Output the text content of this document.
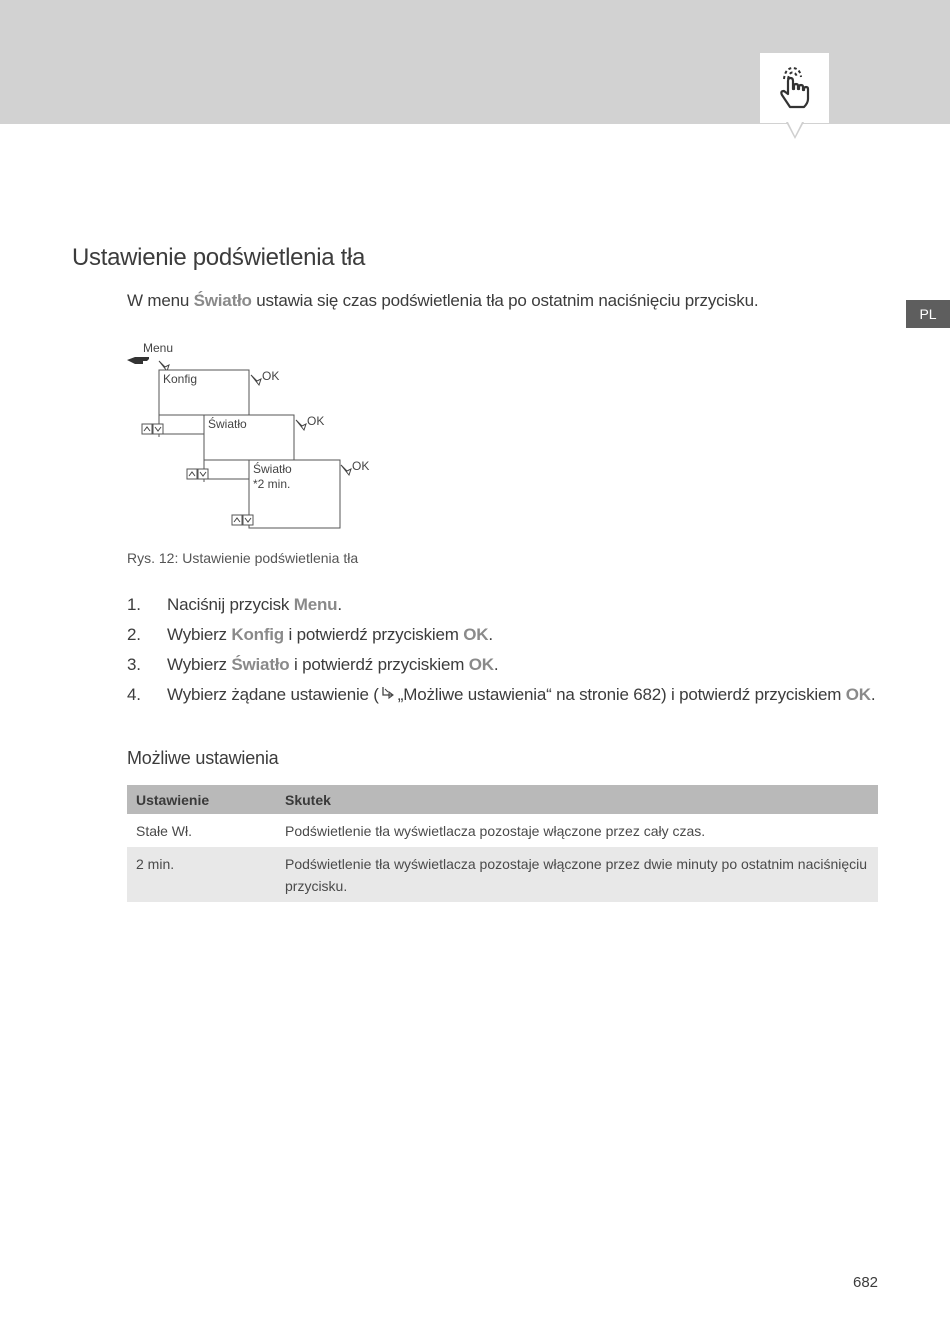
PL
Ustawienie podświetlenia tła
W menu Światło ustawia się czas podświetlenia tła po ostatnim naciśnięciu przycisku.
Menu
Konfig	OK
Światło	OK
Światło
*2 min.
OK
Rys. 12: Ustawienie podświetlenia tła
1.	Naciśnij przycisk Menu.
2.	Wybierz Konfig i potwierdź przyciskiem OK.
3.	Wybierz Światło i potwierdź przyciskiem OK.
4.	Wybierz żądane ustawienie ( „Możliwe ustawienia“ na stronie 682) i potwierdź przyciskiem OK.
Możliwe ustawienia
Ustawienie	Skutek
Stałe Wł.	Podświetlenie tła wyświetlacza pozostaje włączone przez cały czas.
2 min.	Podświetlenie tła wyświetlacza pozostaje włączone przez dwie minuty po ostatnim naciśnięciu przycisku.
682
